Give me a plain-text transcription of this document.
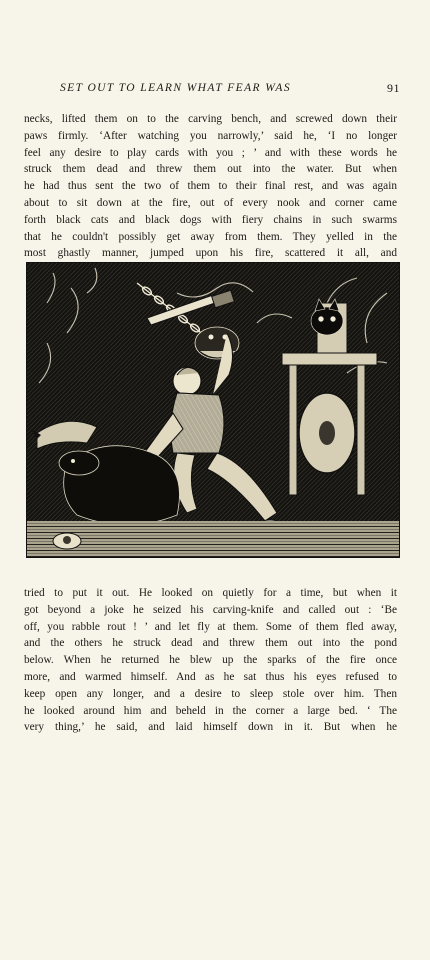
SET OUT TO LEARN WHAT FEAR WAS	91
necks, lifted them on to the carving bench, and screwed down their
paws firmly. ‘After watching you narrowly,’ said he, ‘I no longer
feel any desire to play cards with you ; ’ and with these words he
struck them dead and threw them out into the water. But when
he had thus sent the two of them to their final rest, and was again
about to sit down at the fire, out of every nook and corner came
forth black cats and black dogs with fiery chains in such swarms
that he couldn't possibly get away from them. They yelled in the
most ghastly manner, jumped upon his fire, scattered it all, and
tried to put it out. He looked on quietly for a time, but when it
got beyond a joke he seized his carving-knife and called out : ‘Be
off, you rabble rout ! ’ and let fly at them. Some of them fled away,
and the others he struck dead and threw them out into the pond
below. When he returned he blew up the sparks of the fire once
more, and warmed himself. And as he sat thus his eyes refused to
keep open any longer, and a desire to sleep stole over him. Then
he looked around him and beheld in the corner a large bed. ‘ The
very thing,’ he said, and laid himself down in it. But when he
